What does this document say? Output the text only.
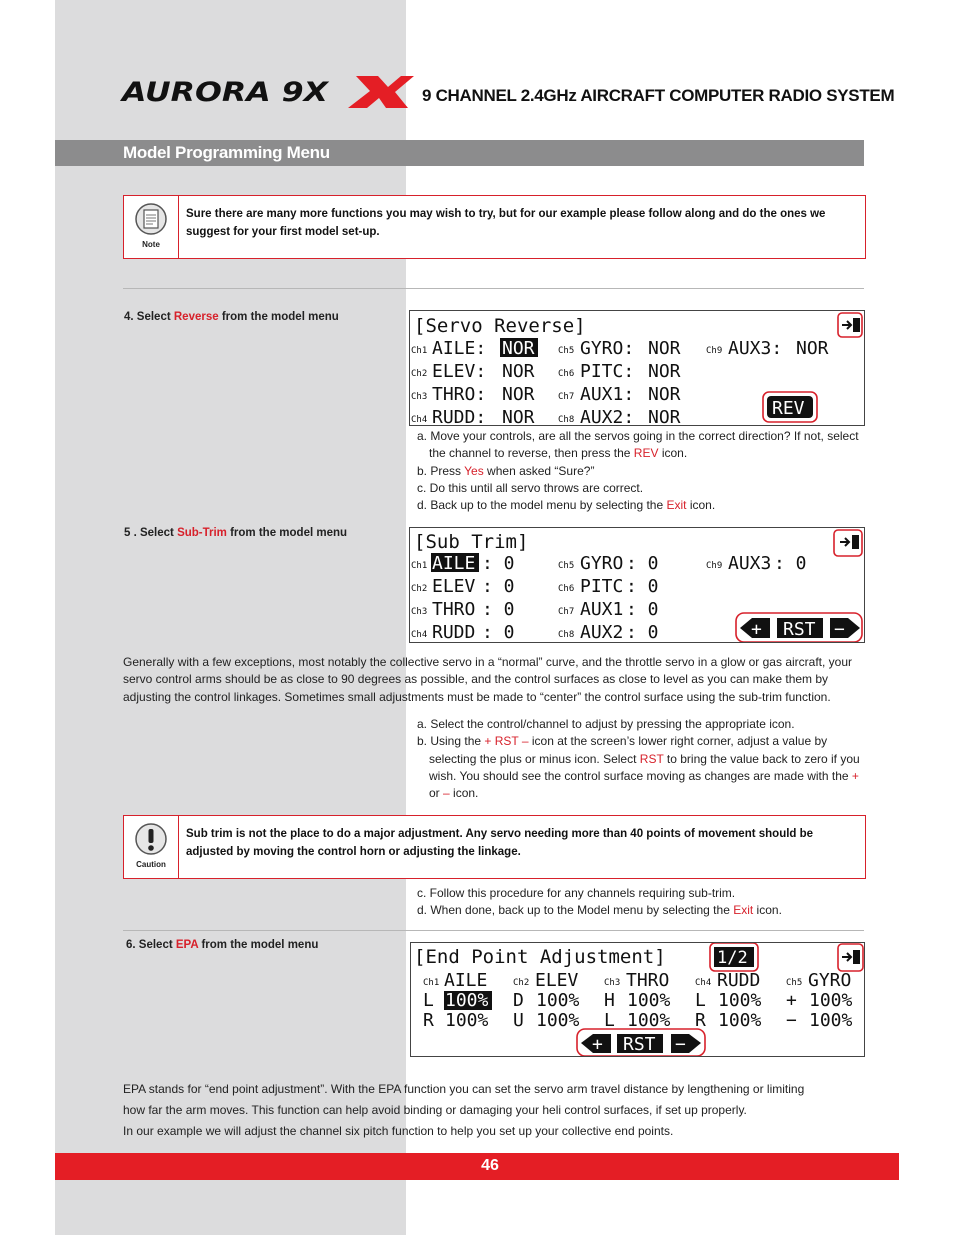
AURORA 9X	9 CHANNEL 2.4GHz AIRCRAFT COMPUTER RADIO SYSTEM
Model Programming Menu
Note
Sure there are many more functions you may wish to try, but for our example please follow along and do the ones we suggest for your first model set-up.
4. Select Reverse from the model menu	[Servo Reverse]
Ch1 AILE: NOR
Ch2 ELEV: NOR
Ch3 THRO: NOR
Ch4 RUDD: NOR
Ch5 GYRO: NOR
Ch6 PITC: NOR
Ch7 AUX1: NOR
Ch8 AUX2: NOR
Ch9 AUX3: NOR
REV
a. Move your controls, are all the servos going in the correct direction? If not, select the channel to reverse, then press the REV icon.
b. Press Yes when asked “Sure?”
c. Do this until all servo throws are correct.
d. Back up to the model menu by selecting the Exit icon.
5 . Select Sub-Trim from the model menu	[Sub Trim]
Ch1 AILE : 0
Ch2 ELEV : 0
Ch3 THRO : 0
Ch4 RUDD : 0
Ch5 GYRO : 0
Ch6 PITC : 0
Ch7 AUX1 : 0
Ch8 AUX2 : 0
Ch9 AUX3 : 0
+ RST −
Generally with a few exceptions, most notably the collective servo in a “normal” curve, and the throttle servo in a glow or gas aircraft, your servo control arms should be as close to 90 degrees as possible, and the control surfaces as close to level as you can make them by adjusting the control linkages. Sometimes small adjustments must be made to “center” the control surface using the sub-trim function.
a. Select the control/channel to adjust by pressing the appropriate icon.
b. Using the + RST – icon at the screen’s lower right corner, adjust a value by selecting the plus or minus icon. Select RST to bring the value back to zero if you wish. You should see the control surface moving as changes are made with the + or – icon.
Caution
Sub trim is not the place to do a major adjustment. Any servo needing more than 40 points of movement should be adjusted by moving the control horn or adjusting the linkage.
c. Follow this procedure for any channels requiring sub-trim.
d. When done, back up to the Model menu by selecting the Exit icon.
6. Select EPA from the model menu
[End Point Adjustment]	1/2
Ch1 AILE
L 100%
R 100%
Ch2 ELEV
D 100%
U 100%
Ch3 THRO
H 100%
L 100%
Ch4 RUDD
L 100%
R 100%
Ch5 GYRO
+ 100%
− 100%
+ RST −
EPA stands for “end point adjustment”. With the EPA function you can set the servo arm travel distance by lengthening or limiting
how far the arm moves. This function can help avoid binding or damaging your heli control surfaces, if set up properly.
In our example we will adjust the channel six pitch function to help you set up your collective end points.
46
